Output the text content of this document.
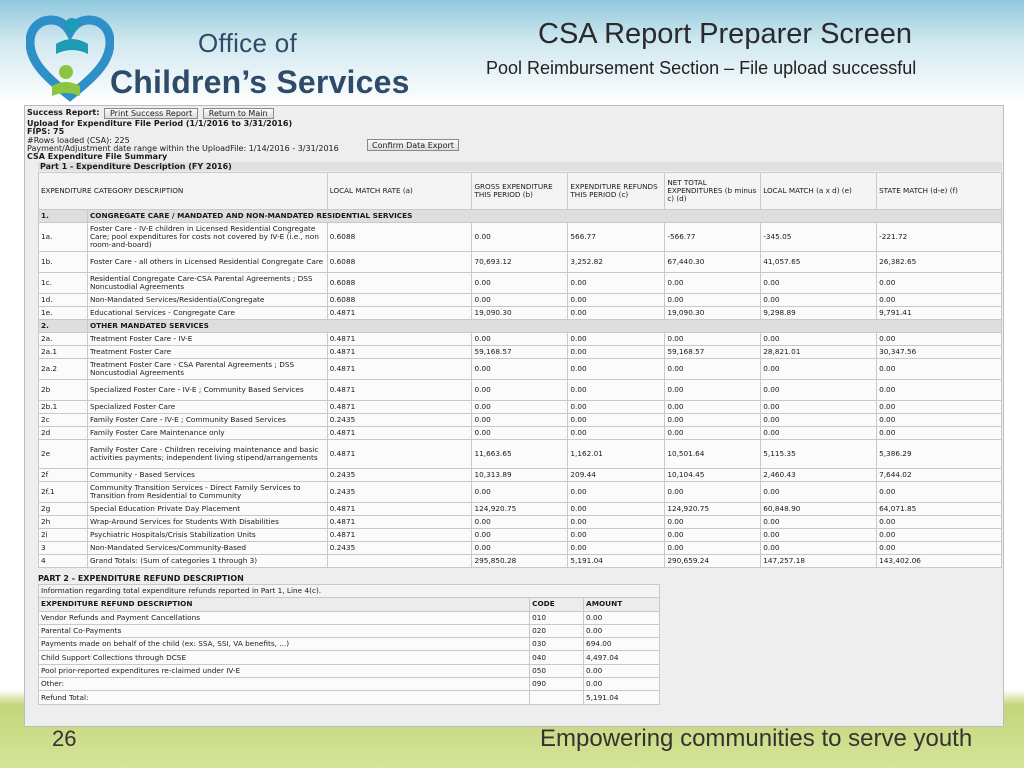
Office of
Children’s Services
CSA Report Preparer Screen
Pool Reimbursement Section – File upload successful
Success Report: Print Success Report Return to Main
Upload for Expenditure File Period (1/1/2016 to 3/31/2016)
FIPS: 75
#Rows loaded (CSA): 225
Payment/Adjustment date range within the UploadFile: 1/14/2016 - 3/31/2016	Confirm Data Export
CSA Expenditure File Summary
Part 1 - Expenditure Description (FY 2016)
EXPENDITURE CATEGORY DESCRIPTION		LOCAL MATCH RATE (a)	GROSS EXPENDITURE THIS PERIOD (b)	EXPENDITURE REFUNDS THIS PERIOD (c)	NET TOTAL EXPENDITURES (b minus c) (d)	LOCAL MATCH (a x d) (e)	STATE MATCH (d-e) (f)
1.	CONGREGATE CARE / MANDATED AND NON-MANDATED RESIDENTIAL SERVICES						
1a.	Foster Care - IV-E children in Licensed Residential Congregate Care; pool expenditures for costs not covered by IV-E (i.e., non room-and-board)	0.6088	0.00	566.77	-566.77	-345.05	-221.72
1b.	Foster Care - all others in Licensed Residential Congregate Care	0.6088	70,693.12	3,252.82	67,440.30	41,057.65	26,382.65
1c.	Residential Congregate Care-CSA Parental Agreements ; DSS Noncustodial Agreements	0.6088	0.00	0.00	0.00	0.00	0.00
1d.	Non-Mandated Services/Residential/Congregate	0.6088	0.00	0.00	0.00	0.00	0.00
1e.	Educational Services - Congregate Care	0.4871	19,090.30	0.00	19,090.30	9,298.89	9,791.41
2.	OTHER MANDATED SERVICES						
2a.	Treatment Foster Care - IV-E	0.4871	0.00	0.00	0.00	0.00	0.00
2a.1	Treatment Foster Care	0.4871	59,168.57	0.00	59,168.57	28,821.01	30,347.56
2a.2	Treatment Foster Care - CSA Parental Agreements ; DSS Noncustodial Agreements	0.4871	0.00	0.00	0.00	0.00	0.00
2b	Specialized Foster Care - IV-E ; Community Based Services	0.4871	0.00	0.00	0.00	0.00	0.00
2b.1	Specialized Foster Care	0.4871	0.00	0.00	0.00	0.00	0.00
2c	Family Foster Care - IV-E ; Community Based Services	0.2435	0.00	0.00	0.00	0.00	0.00
2d	Family Foster Care Maintenance only	0.4871	0.00	0.00	0.00	0.00	0.00
2e	Family Foster Care - Children receiving maintenance and basic activities payments; independent living stipend/arrangements	0.4871	11,663.65	1,162.01	10,501.64	5,115.35	5,386.29
2f	Community - Based Services	0.2435	10,313.89	209.44	10,104.45	2,460.43	7,644.02
2f.1	Community Transition Services - Direct Family Services to Transition from Residential to Community	0.2435	0.00	0.00	0.00	0.00	0.00
2g	Special Education Private Day Placement	0.4871	124,920.75	0.00	124,920.75	60,848.90	64,071.85
2h	Wrap-Around Services for Students With Disabilities	0.4871	0.00	0.00	0.00	0.00	0.00
2i	Psychiatric Hospitals/Crisis Stabilization Units	0.4871	0.00	0.00	0.00	0.00	0.00
3	Non-Mandated Services/Community-Based	0.2435	0.00	0.00	0.00	0.00	0.00
4	Grand Totals: (Sum of categories 1 through 3)		295,850.28	5,191.04	290,659.24	147,257.18	143,402.06
PART 2 - EXPENDITURE REFUND DESCRIPTION
Information regarding total expenditure refunds reported in Part 1, Line 4(c).		
EXPENDITURE REFUND DESCRIPTION	CODE	AMOUNT
Vendor Refunds and Payment Cancellations	010	0.00
Parental Co-Payments	020	0.00
Payments made on behalf of the child (ex: SSA, SSI, VA benefits, ...)	030	694.00
Child Support Collections through DCSE	040	4,497.04
Pool prior-reported expenditures re-claimed under IV-E	050	0.00
Other:	090	0.00
Refund Total:		5,191.04
26	Empowering communities to serve youth
